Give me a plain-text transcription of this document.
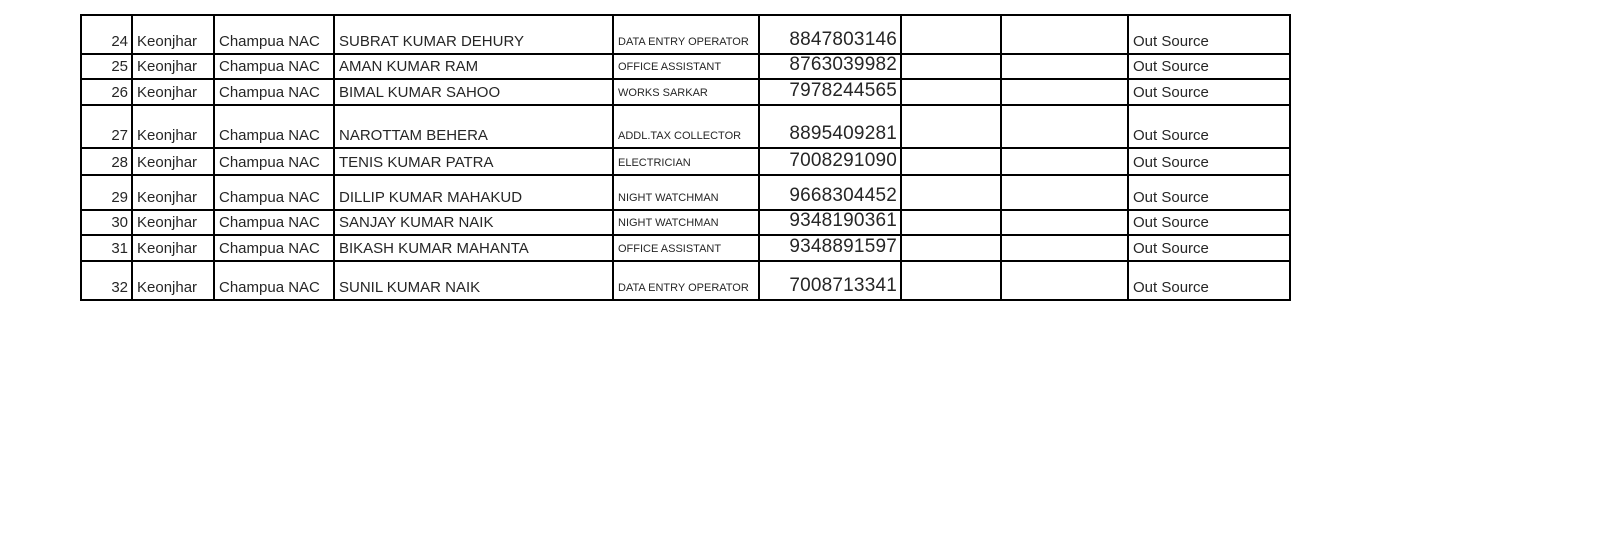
24	Keonjhar	Champua NAC	SUBRAT KUMAR DEHURY	DATA ENTRY OPERATOR	8847803146			Out Source
25	Keonjhar	Champua NAC	AMAN KUMAR RAM	OFFICE ASSISTANT	8763039982			Out Source
26	Keonjhar	Champua NAC	BIMAL KUMAR SAHOO	WORKS SARKAR	7978244565			Out Source
27	Keonjhar	Champua NAC	NAROTTAM BEHERA	ADDL.TAX COLLECTOR	8895409281			Out Source
28	Keonjhar	Champua NAC	TENIS KUMAR PATRA	ELECTRICIAN	7008291090			Out Source
29	Keonjhar	Champua NAC	DILLIP KUMAR MAHAKUD	NIGHT WATCHMAN	9668304452			Out Source
30	Keonjhar	Champua NAC	SANJAY KUMAR NAIK	NIGHT WATCHMAN	9348190361			Out Source
31	Keonjhar	Champua NAC	BIKASH KUMAR MAHANTA	OFFICE ASSISTANT	9348891597			Out Source
32	Keonjhar	Champua NAC	SUNIL KUMAR NAIK	DATA ENTRY OPERATOR	7008713341			Out Source
